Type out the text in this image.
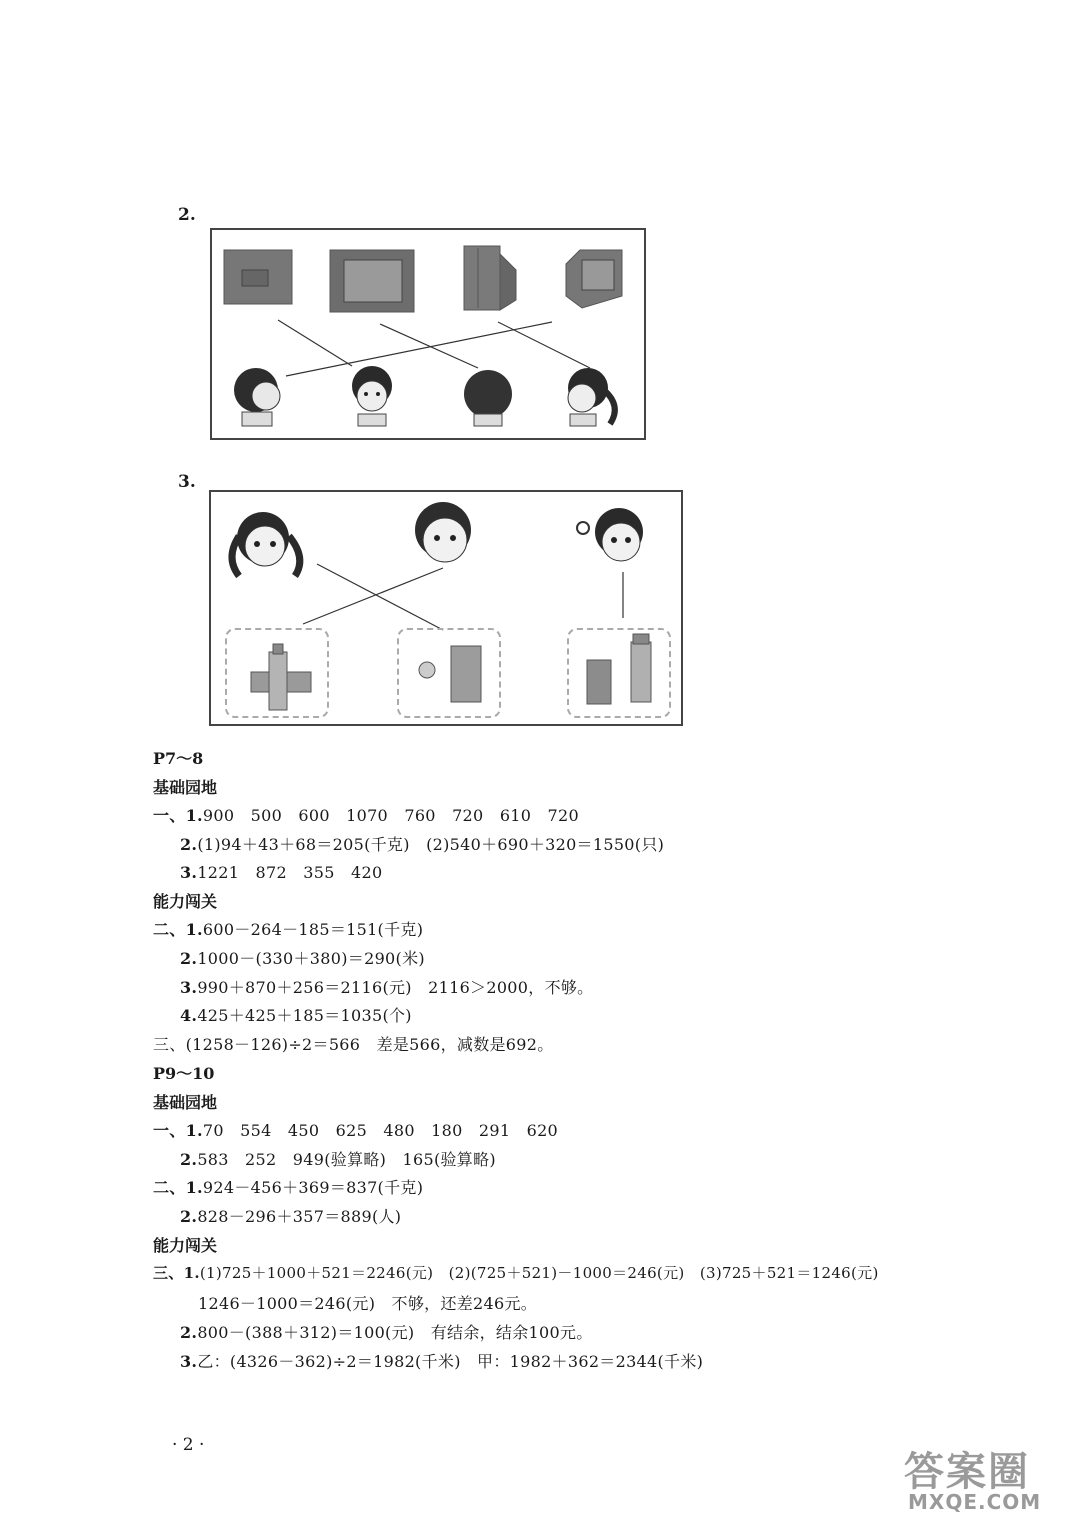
2.
3.
P7～8
基础园地
一、1.900　500　600　1070　760　720　610　720
2.(1)94＋43＋68＝205(千克)　(2)540＋690＋320＝1550(只)
3.1221　872　355　420
能力闯关
二、1.600－264－185＝151(千克)
2.1000－(330＋380)＝290(米)
3.990＋870＋256＝2116(元)　2116＞2000，不够。
4.425＋425＋185＝1035(个)
三、(1258－126)÷2＝566　差是566，减数是692。
P9～10
基础园地
一、1.70　554　450　625　480　180　291　620
2.583　252　949(验算略)　165(验算略)
二、1.924－456＋369＝837(千克)
2.828－296＋357＝889(人)
能力闯关
三、1.(1)725＋1000＋521＝2246(元)　(2)(725＋521)－1000＝246(元)　(3)725＋521＝1246(元)
1246－1000＝246(元)　不够，还差246元。
2.800－(388＋312)＝100(元)　有结余，结余100元。
3.乙：(4326－362)÷2＝1982(千米)　甲：1982＋362＝2344(千米)
· 2 ·
答案圈
MXQE.COM
